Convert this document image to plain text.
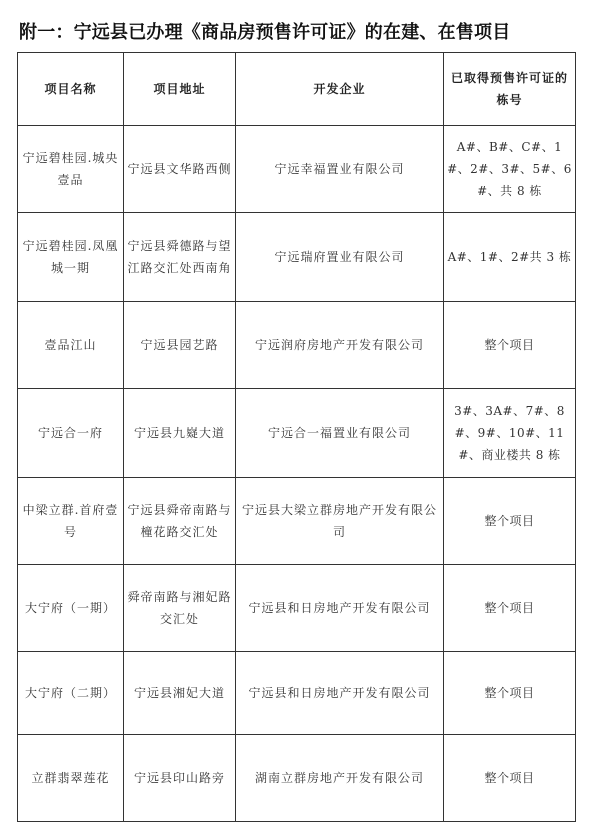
附一：宁远县已办理《商品房预售许可证》的在建、在售项目
项目名称	项目地址	开发企业	已取得预售许可证的栋号
宁远碧桂园.城央壹品	宁远县文华路西侧	宁远幸福置业有限公司	A#、B#、C#、1#、2#、3#、5#、6#、共 8 栋
宁远碧桂园.凤凰城一期	宁远县舜德路与望江路交汇处西南角	宁远瑞府置业有限公司	A#、1#、2#共 3 栋
壹品江山	宁远县园艺路	宁远润府房地产开发有限公司	整个项目
宁远合一府	宁远县九嶷大道	宁远合一福置业有限公司	3#、3A#、7#、8#、9#、10#、11#、商业楼共 8 栋
中梁立群.首府壹号	宁远县舜帝南路与橦花路交汇处	宁远县大梁立群房地产开发有限公司	整个项目
大宁府（一期）	舜帝南路与湘妃路交汇处	宁远县和日房地产开发有限公司	整个项目
大宁府（二期）	宁远县湘妃大道	宁远县和日房地产开发有限公司	整个项目
立群翡翠莲花	宁远县印山路旁	湖南立群房地产开发有限公司	整个项目
